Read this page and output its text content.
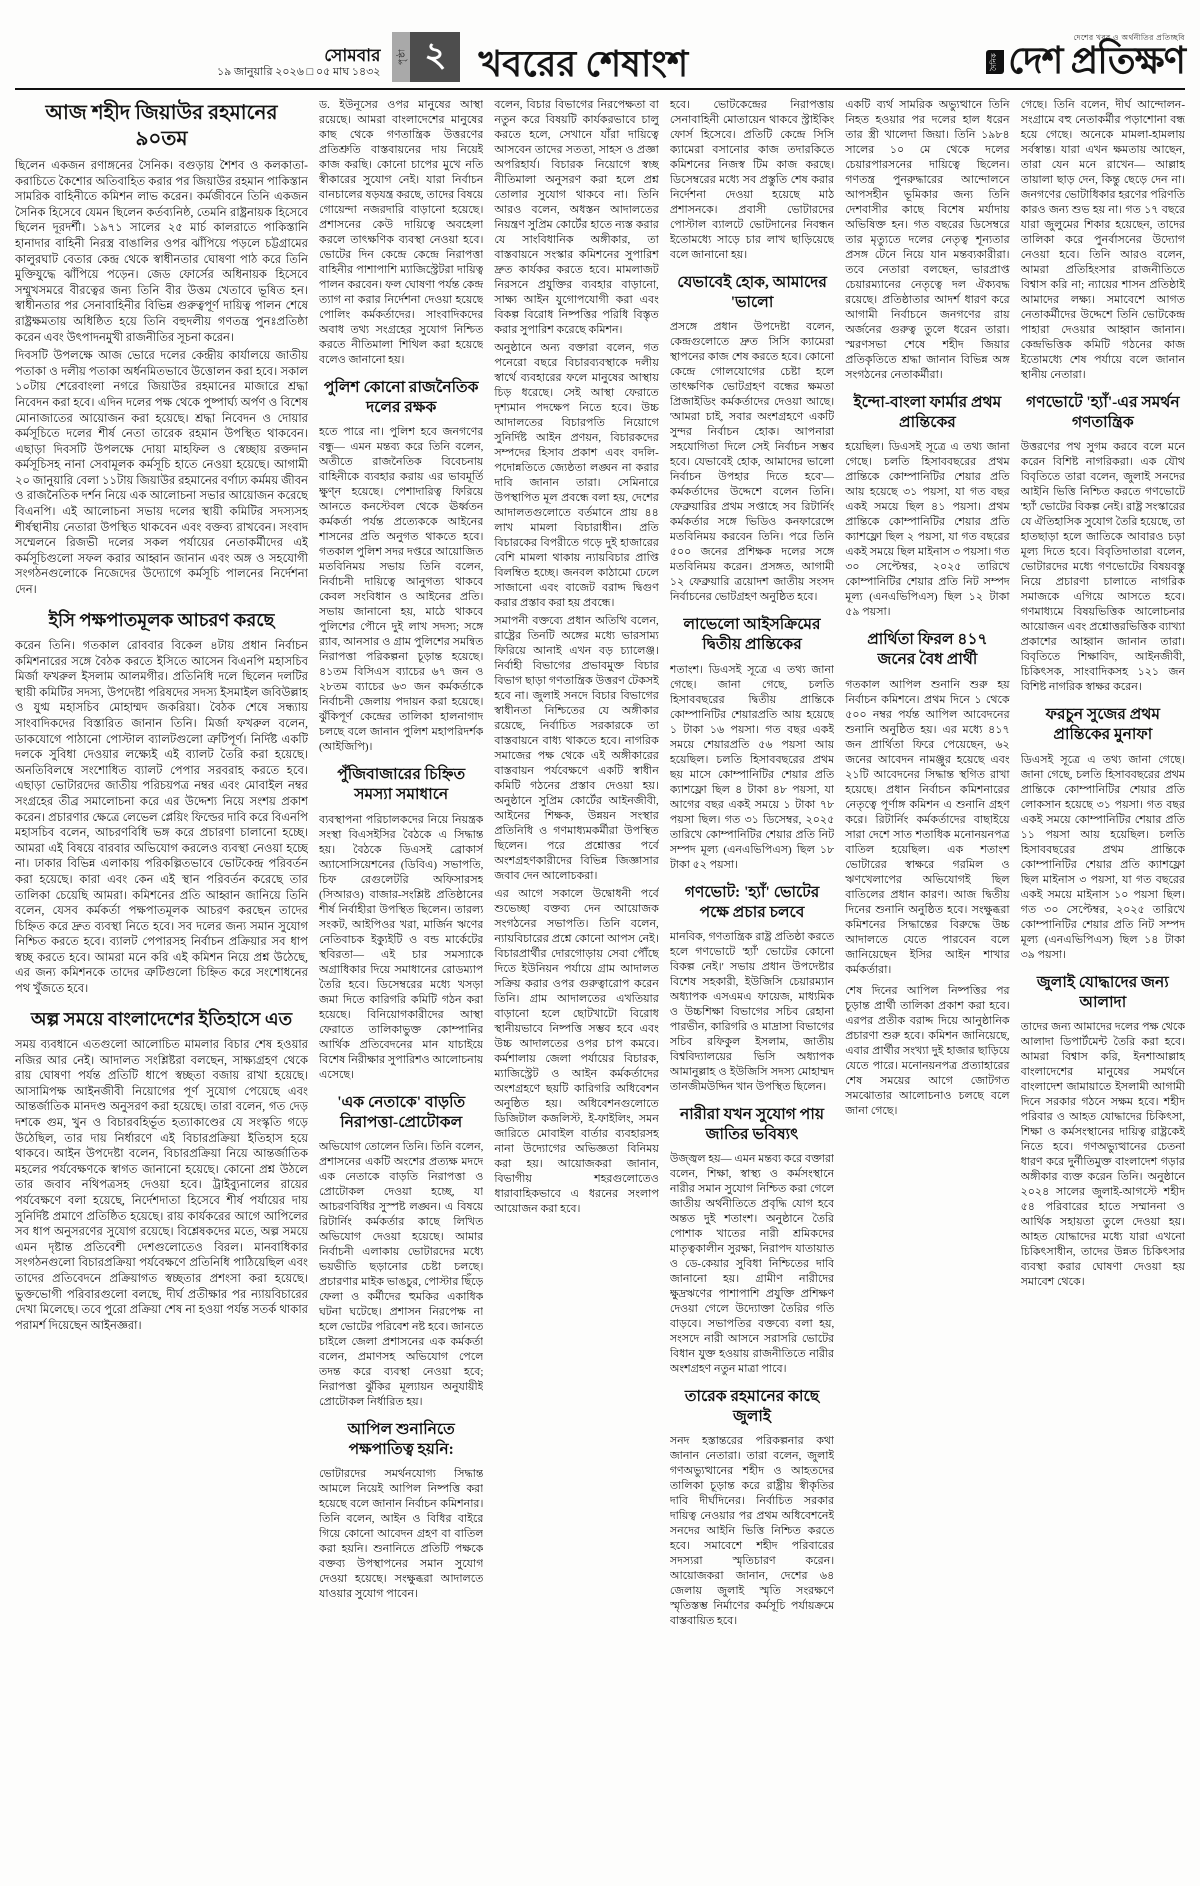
সোমবার
১৯ জানুয়ারি ২০২৬ □ ০৫ মাঘ ১৪৩২
পৃষ্ঠা ২ খবরের শেষাংশ
দেশের খবর ও অর্থনীতির প্রতিচ্ছবি
দৈনিক দেশ প্রতিক্ষণ
আজ শহীদ জিয়াউর রহমানের ৯০তম

ছিলেন একজন রণাঙ্গনের সৈনিক। বগুড়ায় শৈশব ও কলকাতা-করাচিতে কৈশোর অতিবাহিত করার পর জিয়াউর রহমান পাকিস্তান সামরিক বাহিনীতে কমিশন লাভ করেন। কর্মজীবনে তিনি একজন সৈনিক হিসেবে যেমন ছিলেন কর্তব্যনিষ্ঠ, তেমনি রাষ্ট্রনায়ক হিসেবে ছিলেন দূরদর্শী। ১৯৭১ সালের ২৫ মার্চ কালরাতে পাকিস্তানি হানাদার বাহিনী নিরস্ত্র বাঙালির ওপর ঝাঁপিয়ে পড়লে চট্টগ্রামের কালুরঘাট বেতার কেন্দ্র থেকে স্বাধীনতার ঘোষণা পাঠ করে তিনি মুক্তিযুদ্ধে ঝাঁপিয়ে পড়েন। জেড ফোর্সের অধিনায়ক হিসেবে সম্মুখসমরে বীরত্বের জন্য তিনি বীর উত্তম খেতাবে ভূষিত হন। স্বাধীনতার পর সেনাবাহিনীর বিভিন্ন গুরুত্বপূর্ণ দায়িত্ব পালন শেষে রাষ্ট্রক্ষমতায় অধিষ্ঠিত হয়ে তিনি বহুদলীয় গণতন্ত্র পুনঃপ্রতিষ্ঠা করেন এবং উৎপাদনমুখী রাজনীতির সূচনা করেন।

দিবসটি উপলক্ষে আজ ভোরে দলের কেন্দ্রীয় কার্যালয়ে জাতীয় পতাকা ও দলীয় পতাকা অর্ধনমিতভাবে উত্তোলন করা হবে। সকাল ১০টায় শেরেবাংলা নগরে জিয়াউর রহমানের মাজারে শ্রদ্ধা নিবেদন করা হবে। এদিন দলের পক্ষ থেকে পুষ্পার্ঘ্য অর্পণ ও বিশেষ মোনাজাতের আয়োজন করা হয়েছে। শ্রদ্ধা নিবেদন ও দোয়ার কর্মসূচিতে দলের শীর্ষ নেতা তারেক রহমান উপস্থিত থাকবেন। এছাড়া দিবসটি উপলক্ষে দোয়া মাহফিল ও স্বেচ্ছায় রক্তদান কর্মসূচিসহ নানা সেবামূলক কর্মসূচি হাতে নেওয়া হয়েছে। আগামী ২০ জানুয়ারি বেলা ১১টায় জিয়াউর রহমানের বর্ণাঢ্য কর্মময় জীবন ও রাজনৈতিক দর্শন নিয়ে এক আলোচনা সভার আয়োজন করেছে বিএনপি। এই আলোচনা সভায় দলের স্থায়ী কমিটির সদস্যসহ শীর্ষস্থানীয় নেতারা উপস্থিত থাকবেন এবং বক্তব্য রাখবেন। সংবাদ সম্মেলনে রিজভী দলের সকল পর্যায়ের নেতাকর্মীদের এই কর্মসূচিগুলো সফল করার আহ্বান জানান এবং অঙ্গ ও সহযোগী সংগঠনগুলোকে নিজেদের উদ্যোগে কর্মসূচি পালনের নির্দেশনা দেন।

ইসি পক্ষপাতমূলক আচরণ করছে

করেন তিনি। গতকাল রোববার বিকেল ৪টায় প্রধান নির্বাচন কমিশনারের সঙ্গে বৈঠক করতে ইসিতে আসেন বিএনপি মহাসচিব মির্জা ফখরুল ইসলাম আলমগীর। প্রতিনিধি দলে ছিলেন দলটির স্থায়ী কমিটির সদস্য, উপদেষ্টা পরিষদের সদস্য ইসমাইল জবিউল্লাহ ও যুগ্ম মহাসচিব মোহাম্মদ জকরিয়া। বৈঠক শেষে সন্ধ্যায় সাংবাদিকদের বিস্তারিত জানান তিনি। মির্জা ফখরুল বলেন, ডাকযোগে পাঠানো পোস্টাল ব্যালটগুলো ত্রুটিপূর্ণ। নির্দিষ্ট একটি দলকে সুবিধা দেওয়ার লক্ষ্যেই এই ব্যালট তৈরি করা হয়েছে। অনতিবিলম্বে সংশোধিত ব্যালট পেপার সরবরাহ করতে হবে। এছাড়া ভোটারদের জাতীয় পরিচয়পত্র নম্বর এবং মোবাইল নম্বর সংগ্রহের তীব্র সমালোচনা করে এর উদ্দেশ্য নিয়ে সংশয় প্রকাশ করেন। প্রচারণার ক্ষেত্রে লেভেল প্লেয়িং ফিল্ডের দাবি করে বিএনপি মহাসচিব বলেন, আচরণবিধি ভঙ্গ করে প্রচারণা চালানো হচ্ছে। আমরা এই বিষয়ে বারবার অভিযোগ করলেও ব্যবস্থা নেওয়া হচ্ছে না। ঢাকার বিভিন্ন এলাকায় পরিকল্পিতভাবে ভোটকেন্দ্র পরিবর্তন করা হয়েছে। কারা এবং কেন এই স্থান পরিবর্তন করেছে তার তালিকা চেয়েছি আমরা। কমিশনের প্রতি আহ্বান জানিয়ে তিনি বলেন, যেসব কর্মকর্তা পক্ষপাতমূলক আচরণ করছেন তাদের চিহ্নিত করে দ্রুত ব্যবস্থা নিতে হবে। সব দলের জন্য সমান সুযোগ নিশ্চিত করতে হবে। ব্যালট পেপারসহ নির্বাচন প্রক্রিয়ার সব ধাপ স্বচ্ছ করতে হবে। আমরা মনে করি এই কমিশন নিয়ে প্রশ্ন উঠেছে, এর জন্য কমিশনকে তাদের ত্রুটিগুলো চিহ্নিত করে সংশোধনের পথ খুঁজতে হবে।

অল্প সময়ে বাংলাদেশের ইতিহাসে এত

সময় ব্যবধানে এতগুলো আলোচিত মামলার বিচার শেষ হওয়ার নজির আর নেই। আদালত সংশ্লিষ্টরা বলছেন, সাক্ষ্যগ্রহণ থেকে রায় ঘোষণা পর্যন্ত প্রতিটি ধাপে স্বচ্ছতা বজায় রাখা হয়েছে। আসামিপক্ষ আইনজীবী নিয়োগের পূর্ণ সুযোগ পেয়েছে এবং আন্তর্জাতিক মানদণ্ড অনুসরণ করা হয়েছে। তারা বলেন, গত দেড় দশকে গুম, খুন ও বিচারবহির্ভূত হত্যাকাণ্ডের যে সংস্কৃতি গড়ে উঠেছিল, তার দায় নির্ধারণে এই বিচারপ্রক্রিয়া ইতিহাস হয়ে থাকবে। আইন উপদেষ্টা বলেন, বিচারপ্রক্রিয়া নিয়ে আন্তর্জাতিক মহলের পর্যবেক্ষণকে স্বাগত জানানো হয়েছে। কোনো প্রশ্ন উঠলে তার জবাব নথিপত্রসহ দেওয়া হবে। ট্রাইব্যুনালের রায়ের পর্যবেক্ষণে বলা হয়েছে, নির্দেশদাতা হিসেবে শীর্ষ পর্যায়ের দায় সুনির্দিষ্ট প্রমাণে প্রতিষ্ঠিত হয়েছে। রায় কার্যকরের আগে আপিলের সব ধাপ অনুসরণের সুযোগ রয়েছে। বিশ্লেষকদের মতে, অল্প সময়ে এমন দৃষ্টান্ত প্রতিবেশী দেশগুলোতেও বিরল। মানবাধিকার সংগঠনগুলো বিচারপ্রক্রিয়া পর্যবেক্ষণে প্রতিনিধি পাঠিয়েছিল এবং তাদের প্রতিবেদনে প্রক্রিয়াগত স্বচ্ছতার প্রশংসা করা হয়েছে। ভুক্তভোগী পরিবারগুলো বলছে, দীর্ঘ প্রতীক্ষার পর ন্যায়বিচারের দেখা মিলেছে। তবে পুরো প্রক্রিয়া শেষ না হওয়া পর্যন্ত সতর্ক থাকার পরামর্শ দিয়েছেন আইনজ্ঞরা।

ড. ইউনূসের ওপর মানুষের আস্থা রয়েছে। আমরা বাংলাদেশের মানুষের কাছ থেকে গণতান্ত্রিক উত্তরণের প্রতিশ্রুতি বাস্তবায়নের দায় নিয়েই কাজ করছি। কোনো চাপের মুখে নতি স্বীকারের সুযোগ নেই। যারা নির্বাচন বানচালের ষড়যন্ত্র করছে, তাদের বিষয়ে গোয়েন্দা নজরদারি বাড়ানো হয়েছে। প্রশাসনের কেউ দায়িত্বে অবহেলা করলে তাৎক্ষণিক ব্যবস্থা নেওয়া হবে। ভোটের দিন কেন্দ্রে কেন্দ্রে নিরাপত্তা বাহিনীর পাশাপাশি ম্যাজিস্ট্রেটরা দায়িত্ব পালন করবেন। ফল ঘোষণা পর্যন্ত কেন্দ্র ত্যাগ না করার নির্দেশনা দেওয়া হয়েছে পোলিং কর্মকর্তাদের। সাংবাদিকদের অবাধ তথ্য সংগ্রহের সুযোগ নিশ্চিত করতে নীতিমালা শিথিল করা হয়েছে বলেও জানানো হয়।

পুলিশ কোনো রাজনৈতিক দলের রক্ষক

হতে পারে না। পুলিশ হবে জনগণের বন্ধু— এমন মন্তব্য করে তিনি বলেন, অতীতে রাজনৈতিক বিবেচনায় বাহিনীকে ব্যবহার করায় এর ভাবমূর্তি ক্ষুণ্ন হয়েছে। পেশাদারিত্ব ফিরিয়ে আনতে কনস্টেবল থেকে ঊর্ধ্বতন কর্মকর্তা পর্যন্ত প্রত্যেককে আইনের শাসনের প্রতি অনুগত থাকতে হবে। গতকাল পুলিশ সদর দপ্তরে আয়োজিত মতবিনিময় সভায় তিনি বলেন, নির্বাচনী দায়িত্বে আনুগত্য থাকবে কেবল সংবিধান ও আইনের প্রতি। সভায় জানানো হয়, মাঠে থাকবে পুলিশের পৌনে দুই লাখ সদস্য; সঙ্গে র‍্যাব, আনসার ও গ্রাম পুলিশের সমন্বিত নিরাপত্তা পরিকল্পনা চূড়ান্ত হয়েছে। ৪১তম বিসিএস ব্যাচের ৬৭ জন ও ২৮তম ব্যাচের ৬৩ জন কর্মকর্তাকে নির্বাচনী জেলায় পদায়ন করা হয়েছে। ঝুঁকিপূর্ণ কেন্দ্রের তালিকা হালনাগাদ চলছে বলে জানান পুলিশ মহাপরিদর্শক (আইজিপি)।

পুঁজিবাজারের চিহ্নিত সমস্যা সমাধানে

ব্যবস্থাপনা পরিচালকদের নিয়ে নিয়ন্ত্রক সংস্থা বিএসইসির বৈঠকে এ সিদ্ধান্ত হয়। বৈঠকে ডিএসই ব্রোকার্স অ্যাসোসিয়েশনের (ডিবিএ) সভাপতি, চিফ রেগুলেটরি অফিসারসহ (সিআরও) বাজার-সংশ্লিষ্ট প্রতিষ্ঠানের শীর্ষ নির্বাহীরা উপস্থিত ছিলেন। তারল্য সংকট, আইপিওর খরা, মার্জিন ঋণের নেতিবাচক ইক্যুইটি ও বন্ড মার্কেটের স্থবিরতা— এই চার সমস্যাকে অগ্রাধিকার দিয়ে সমাধানের রোডম্যাপ তৈরি হবে। ডিসেম্বরের মধ্যে খসড়া জমা দিতে কারিগরি কমিটি গঠন করা হয়েছে। বিনিয়োগকারীদের আস্থা ফেরাতে তালিকাভুক্ত কোম্পানির আর্থিক প্রতিবেদনের মান যাচাইয়ে বিশেষ নিরীক্ষার সুপারিশও আলোচনায় এসেছে।

'এক নেতাকে' বাড়তি নিরাপত্তা-প্রোটোকল

অভিযোগ তোলেন তিনি। তিনি বলেন, প্রশাসনের একটি অংশের প্রত্যক্ষ মদদে এক নেতাকে বাড়তি নিরাপত্তা ও প্রোটোকল দেওয়া হচ্ছে, যা আচরণবিধির সুস্পষ্ট লঙ্ঘন। এ বিষয়ে রিটার্নিং কর্মকর্তার কাছে লিখিত অভিযোগ দেওয়া হয়েছে। আমার নির্বাচনী এলাকায় ভোটারদের মধ্যে ভয়ভীতি ছড়ানোর চেষ্টা চলছে। প্রচারণার মাইক ভাঙচুর, পোস্টার ছিঁড়ে ফেলা ও কর্মীদের হুমকির একাধিক ঘটনা ঘটেছে। প্রশাসন নিরপেক্ষ না হলে ভোটের পরিবেশ নষ্ট হবে। জানতে চাইলে জেলা প্রশাসনের এক কর্মকর্তা বলেন, প্রমাণসহ অভিযোগ পেলে তদন্ত করে ব্যবস্থা নেওয়া হবে; নিরাপত্তা ঝুঁকির মূল্যায়ন অনুযায়ীই প্রোটোকল নির্ধারিত হয়।

আপিল শুনানিতে পক্ষপাতিত্ব হয়নি:

ভোটারদের সমর্থনযোগ্য সিদ্ধান্ত আমলে নিয়েই আপিল নিষ্পত্তি করা হয়েছে বলে জানান নির্বাচন কমিশনার। তিনি বলেন, আইন ও বিধির বাইরে গিয়ে কোনো আবেদন গ্রহণ বা বাতিল করা হয়নি। শুনানিতে প্রতিটি পক্ষকে বক্তব্য উপস্থাপনের সমান সুযোগ দেওয়া হয়েছে। সংক্ষুব্ধরা আদালতে যাওয়ার সুযোগ পাবেন।

বলেন, বিচার বিভাগের নিরপেক্ষতা বা নতুন করে বিষয়টি কার্যকরভাবে চালু করতে হলে, সেখানে যাঁরা দায়িত্বে আসবেন তাদের সততা, সাহস ও প্রজ্ঞা অপরিহার্য। বিচারক নিয়োগে স্বচ্ছ নীতিমালা অনুসরণ করা হলে প্রশ্ন তোলার সুযোগ থাকবে না। তিনি আরও বলেন, অধস্তন আদালতের নিয়ন্ত্রণ সুপ্রিম কোর্টের হাতে ন্যস্ত করার যে সাংবিধানিক অঙ্গীকার, তা বাস্তবায়নে সংস্কার কমিশনের সুপারিশ দ্রুত কার্যকর করতে হবে। মামলাজট নিরসনে প্রযুক্তির ব্যবহার বাড়ানো, সাক্ষ্য আইন যুগোপযোগী করা এবং বিকল্প বিরোধ নিষ্পত্তির পরিধি বিস্তৃত করার সুপারিশ করেছে কমিশন।

অনুষ্ঠানে অন্য বক্তারা বলেন, গত পনেরো বছরে বিচারব্যবস্থাকে দলীয় স্বার্থে ব্যবহারের ফলে মানুষের আস্থায় চিড় ধরেছে। সেই আস্থা ফেরাতে দৃশ্যমান পদক্ষেপ নিতে হবে। উচ্চ আদালতের বিচারপতি নিয়োগে সুনির্দিষ্ট আইন প্রণয়ন, বিচারকদের সম্পদের হিসাব প্রকাশ এবং বদলি-পদোন্নতিতে জ্যেষ্ঠতা লঙ্ঘন না করার দাবি জানান তারা। সেমিনারে উপস্থাপিত মূল প্রবন্ধে বলা হয়, দেশের আদালতগুলোতে বর্তমানে প্রায় ৪৪ লাখ মামলা বিচারাধীন। প্রতি বিচারকের বিপরীতে গড়ে দুই হাজারের বেশি মামলা থাকায় ন্যায়বিচার প্রাপ্তি বিলম্বিত হচ্ছে। জনবল কাঠামো ঢেলে সাজানো এবং বাজেট বরাদ্দ দ্বিগুণ করার প্রস্তাব করা হয় প্রবন্ধে।

সমাপনী বক্তব্যে প্রধান অতিথি বলেন, রাষ্ট্রের তিনটি অঙ্গের মধ্যে ভারসাম্য ফিরিয়ে আনাই এখন বড় চ্যালেঞ্জ। নির্বাহী বিভাগের প্রভাবমুক্ত বিচার বিভাগ ছাড়া গণতান্ত্রিক উত্তরণ টেকসই হবে না। জুলাই সনদে বিচার বিভাগের স্বাধীনতা নিশ্চিতের যে অঙ্গীকার রয়েছে, নির্বাচিত সরকারকে তা বাস্তবায়নে বাধ্য থাকতে হবে। নাগরিক সমাজের পক্ষ থেকে এই অঙ্গীকারের বাস্তবায়ন পর্যবেক্ষণে একটি স্বাধীন কমিটি গঠনের প্রস্তাব দেওয়া হয়। অনুষ্ঠানে সুপ্রিম কোর্টের আইনজীবী, আইনের শিক্ষক, উন্নয়ন সংস্থার প্রতিনিধি ও গণমাধ্যমকর্মীরা উপস্থিত ছিলেন। পরে প্রশ্নোত্তর পর্বে অংশগ্রহণকারীদের বিভিন্ন জিজ্ঞাসার জবাব দেন আলোচকরা।

এর আগে সকালে উদ্বোধনী পর্বে শুভেচ্ছা বক্তব্য দেন আয়োজক সংগঠনের সভাপতি। তিনি বলেন, ন্যায়বিচারের প্রশ্নে কোনো আপস নেই। বিচারপ্রার্থীর দোরগোড়ায় সেবা পৌঁছে দিতে ইউনিয়ন পর্যায়ে গ্রাম আদালত সক্রিয় করার ওপর গুরুত্বারোপ করেন তিনি। গ্রাম আদালতের এখতিয়ার বাড়ানো হলে ছোটখাটো বিরোধ স্থানীয়ভাবে নিষ্পত্তি সম্ভব হবে এবং উচ্চ আদালতের ওপর চাপ কমবে। কর্মশালায় জেলা পর্যায়ের বিচারক, ম্যাজিস্ট্রেট ও আইন কর্মকর্তাদের অংশগ্রহণে ছয়টি কারিগরি অধিবেশন অনুষ্ঠিত হয়। অধিবেশনগুলোতে ডিজিটাল কজলিস্ট, ই-ফাইলিং, সমন জারিতে মোবাইল বার্তার ব্যবহারসহ নানা উদ্যোগের অভিজ্ঞতা বিনিময় করা হয়। আয়োজকরা জানান, বিভাগীয় শহরগুলোতেও ধারাবাহিকভাবে এ ধরনের সংলাপ আয়োজন করা হবে।

হবে। ভোটকেন্দ্রের নিরাপত্তায় সেনাবাহিনী মোতায়েন থাকবে স্ট্রাইকিং ফোর্স হিসেবে। প্রতিটি কেন্দ্রে সিসি ক্যামেরা বসানোর কাজ তদারকিতে কমিশনের নিজস্ব টিম কাজ করছে। ডিসেম্বরের মধ্যে সব প্রস্তুতি শেষ করার নির্দেশনা দেওয়া হয়েছে মাঠ প্রশাসনকে। প্রবাসী ভোটারদের পোস্টাল ব্যালটে ভোটদানের নিবন্ধন ইতোমধ্যে সাড়ে চার লাখ ছাড়িয়েছে বলে জানানো হয়।

যেভাবেই হোক, আমাদের 'ভালো

প্রসঙ্গে প্রধান উপদেষ্টা বলেন, কেন্দ্রগুলোতে দ্রুত সিসি ক্যামেরা স্থাপনের কাজ শেষ করতে হবে। কোনো কেন্দ্রে গোলযোগের চেষ্টা হলে তাৎক্ষণিক ভোটগ্রহণ বন্ধের ক্ষমতা প্রিজাইডিং কর্মকর্তাদের দেওয়া আছে। 'আমরা চাই, সবার অংশগ্রহণে একটি সুন্দর নির্বাচন হোক। আপনারা সহযোগিতা দিলে সেই নির্বাচন সম্ভব হবে। যেভাবেই হোক, আমাদের ভালো নির্বাচন উপহার দিতে হবে'— কর্মকর্তাদের উদ্দেশে বলেন তিনি। ফেব্রুয়ারির প্রথম সপ্তাহে সব রিটার্নিং কর্মকর্তার সঙ্গে ভিডিও কনফারেন্সে মতবিনিময় করবেন তিনি। পরে তিনি ৫০০ জনের প্রশিক্ষক দলের সঙ্গে মতবিনিময় করেন। প্রসঙ্গত, আগামী ১২ ফেব্রুয়ারি ত্রয়োদশ জাতীয় সংসদ নির্বাচনের ভোটগ্রহণ অনুষ্ঠিত হবে।

লাভেলো আইসক্রিমের দ্বিতীয় প্রান্তিকের

শতাংশ। ডিএসই সূত্রে এ তথ্য জানা গেছে। জানা গেছে, চলতি হিসাববছরের দ্বিতীয় প্রান্তিকে কোম্পানিটির শেয়ারপ্রতি আয় হয়েছে ১ টাকা ১৬ পয়সা। গত বছর একই সময়ে শেয়ারপ্রতি ৫৬ পয়সা আয় হয়েছিল। চলতি হিসাববছরের প্রথম ছয় মাসে কোম্পানিটির শেয়ার প্রতি ক্যাশফ্লো ছিল ৪ টাকা ৪৮ পয়সা, যা আগের বছর একই সময়ে ১ টাকা ৭৮ পয়সা ছিল। গত ৩১ ডিসেম্বর, ২০২৫ তারিখে কোম্পানিটির শেয়ার প্রতি নিট সম্পদ মূল্য (এনএভিপিএস) ছিল ১৮ টাকা ৫২ পয়সা।

গণভোট: 'হ্যাঁ' ভোটের পক্ষে প্রচার চলবে

মানবিক, গণতান্ত্রিক রাষ্ট্র প্রতিষ্ঠা করতে হলে গণভোটে 'হ্যাঁ' ভোটের কোনো বিকল্প নেই।' সভায় প্রধান উপদেষ্টার বিশেষ সহকারী, ইউজিসি চেয়ারম্যান অধ্যাপক এসএমএ ফায়েজ, মাধ্যমিক ও উচ্চশিক্ষা বিভাগের সচিব রেহানা পারভীন, কারিগরি ও মাদ্রাসা বিভাগের সচিব রফিকুল ইসলাম, জাতীয় বিশ্ববিদ্যালয়ের ভিসি অধ্যাপক আমানুল্লাহ ও ইউজিসি সদস্য মোহাম্মদ তানজীমউদ্দিন খান উপস্থিত ছিলেন।

নারীরা যখন সুযোগ পায় জাতির ভবিষ্যৎ

উজ্জ্বল হয়— এমন মন্তব্য করে বক্তারা বলেন, শিক্ষা, স্বাস্থ্য ও কর্মসংস্থানে নারীর সমান সুযোগ নিশ্চিত করা গেলে জাতীয় অর্থনীতিতে প্রবৃদ্ধি যোগ হবে অন্তত দুই শতাংশ। অনুষ্ঠানে তৈরি পোশাক খাতের নারী শ্রমিকদের মাতৃত্বকালীন সুরক্ষা, নিরাপদ যাতায়াত ও ডে-কেয়ার সুবিধা নিশ্চিতের দাবি জানানো হয়। গ্রামীণ নারীদের ক্ষুদ্রঋণের পাশাপাশি প্রযুক্তি প্রশিক্ষণ দেওয়া গেলে উদ্যোক্তা তৈরির গতি বাড়বে। সভাপতির বক্তব্যে বলা হয়, সংসদে নারী আসনে সরাসরি ভোটের বিধান যুক্ত হওয়ায় রাজনীতিতে নারীর অংশগ্রহণ নতুন মাত্রা পাবে।

তারেক রহমানের কাছে জুলাই

সনদ হস্তান্তরের পরিকল্পনার কথা জানান নেতারা। তারা বলেন, জুলাই গণঅভ্যুত্থানের শহীদ ও আহতদের তালিকা চূড়ান্ত করে রাষ্ট্রীয় স্বীকৃতির দাবি দীর্ঘদিনের। নির্বাচিত সরকার দায়িত্ব নেওয়ার পর প্রথম অধিবেশনেই সনদের আইনি ভিত্তি নিশ্চিত করতে হবে। সমাবেশে শহীদ পরিবারের সদস্যরা স্মৃতিচারণ করেন। আয়োজকরা জানান, দেশের ৬৪ জেলায় জুলাই স্মৃতি সংরক্ষণে স্মৃতিস্তম্ভ নির্মাণের কর্মসূচি পর্যায়ক্রমে বাস্তবায়িত হবে।

একটি ব্যর্থ সামরিক অভ্যুত্থানে তিনি নিহত হওয়ার পর দলের হাল ধরেন তার স্ত্রী খালেদা জিয়া। তিনি ১৯৮৪ সালের ১০ মে থেকে দলের চেয়ারপারসনের দায়িত্বে ছিলেন। গণতন্ত্র পুনরুদ্ধারের আন্দোলনে আপসহীন ভূমিকার জন্য তিনি দেশবাসীর কাছে বিশেষ মর্যাদায় অভিষিক্ত হন। গত বছরের ডিসেম্বরে তার মৃত্যুতে দলের নেতৃত্ব শূন্যতার প্রসঙ্গ টেনে নিয়ে যান মন্তব্যকারীরা। তবে নেতারা বলছেন, ভারপ্রাপ্ত চেয়ারম্যানের নেতৃত্বে দল ঐক্যবদ্ধ রয়েছে। প্রতিষ্ঠাতার আদর্শ ধারণ করে আগামী নির্বাচনে জনগণের রায় অর্জনের গুরুত্ব তুলে ধরেন তারা। স্মরণসভা শেষে শহীদ জিয়ার প্রতিকৃতিতে শ্রদ্ধা জানান বিভিন্ন অঙ্গ সংগঠনের নেতাকর্মীরা।

ইন্দো-বাংলা ফার্মার প্রথম প্রান্তিকের

হয়েছিল। ডিএসই সূত্রে এ তথ্য জানা গেছে। চলতি হিসাববছরের প্রথম প্রান্তিকে কোম্পানিটির শেয়ার প্রতি আয় হয়েছে ৩১ পয়সা, যা গত বছর একই সময়ে ছিল ৪১ পয়সা। প্রথম প্রান্তিকে কোম্পানিটির শেয়ার প্রতি ক্যাশফ্লো ছিল ২ পয়সা, যা গত বছরের একই সময়ে ছিল মাইনাস ৩ পয়সা। গত ৩০ সেপ্টেম্বর, ২০২৫ তারিখে কোম্পানিটির শেয়ার প্রতি নিট সম্পদ মূল্য (এনএভিপিএস) ছিল ১২ টাকা ৫৯ পয়সা।

প্রার্থিতা ফিরল ৪১৭ জনের বৈধ প্রার্থী

গতকাল আপিল শুনানি শুরু হয় নির্বাচন কমিশনে। প্রথম দিনে ১ থেকে ৫০০ নম্বর পর্যন্ত আপিল আবেদনের শুনানি অনুষ্ঠিত হয়। এর মধ্যে ৪১৭ জন প্রার্থিতা ফিরে পেয়েছেন, ৬২ জনের আবেদন নামঞ্জুর হয়েছে এবং ২১টি আবেদনের সিদ্ধান্ত স্থগিত রাখা হয়েছে। প্রধান নির্বাচন কমিশনারের নেতৃত্বে পূর্ণাঙ্গ কমিশন এ শুনানি গ্রহণ করে। রিটার্নিং কর্মকর্তাদের বাছাইয়ে সারা দেশে সাত শতাধিক মনোনয়নপত্র বাতিল হয়েছিল। এক শতাংশ ভোটারের স্বাক্ষরে গরমিল ও ঋণখেলাপের অভিযোগই ছিল বাতিলের প্রধান কারণ। আজ দ্বিতীয় দিনের শুনানি অনুষ্ঠিত হবে। সংক্ষুব্ধরা কমিশনের সিদ্ধান্তের বিরুদ্ধে উচ্চ আদালতে যেতে পারবেন বলে জানিয়েছেন ইসির আইন শাখার কর্মকর্তারা।

শেষ দিনের আপিল নিষ্পত্তির পর চূড়ান্ত প্রার্থী তালিকা প্রকাশ করা হবে। এরপর প্রতীক বরাদ্দ দিয়ে আনুষ্ঠানিক প্রচারণা শুরু হবে। কমিশন জানিয়েছে, এবার প্রার্থীর সংখ্যা দুই হাজার ছাড়িয়ে যেতে পারে। মনোনয়নপত্র প্রত্যাহারের শেষ সময়ের আগে জোটগত সমঝোতার আলোচনাও চলছে বলে জানা গেছে।

গেছে। তিনি বলেন, দীর্ঘ আন্দোলন-সংগ্রামে বহু নেতাকর্মীর পড়াশোনা বন্ধ হয়ে গেছে। অনেকে মামলা-হামলায় সর্বস্বান্ত। যারা এখন ক্ষমতায় আছেন, তারা যেন মনে রাখেন— আল্লাহ তায়ালা ছাড় দেন, কিন্তু ছেড়ে দেন না। জনগণের ভোটাধিকার হরণের পরিণতি কারও জন্য শুভ হয় না। গত ১৭ বছরে যারা জুলুমের শিকার হয়েছেন, তাদের তালিকা করে পুনর্বাসনের উদ্যোগ নেওয়া হবে। তিনি আরও বলেন, আমরা প্রতিহিংসার রাজনীতিতে বিশ্বাস করি না; ন্যায়ের শাসন প্রতিষ্ঠাই আমাদের লক্ষ্য। সমাবেশে আগত নেতাকর্মীদের উদ্দেশে তিনি ভোটকেন্দ্র পাহারা দেওয়ার আহ্বান জানান। কেন্দ্রভিত্তিক কমিটি গঠনের কাজ ইতোমধ্যে শেষ পর্যায়ে বলে জানান স্থানীয় নেতারা।

গণভোটে 'হ্যাঁ'-এর সমর্থন গণতান্ত্রিক

উত্তরণের পথ সুগম করবে বলে মনে করেন বিশিষ্ট নাগরিকরা। এক যৌথ বিবৃতিতে তারা বলেন, জুলাই সনদের আইনি ভিত্তি নিশ্চিত করতে গণভোটে 'হ্যাঁ' ভোটের বিকল্প নেই। রাষ্ট্র সংস্কারের যে ঐতিহাসিক সুযোগ তৈরি হয়েছে, তা হাতছাড়া হলে জাতিকে আবারও চড়া মূল্য দিতে হবে। বিবৃতিদাতারা বলেন, ভোটারদের মধ্যে গণভোটের বিষয়বস্তু নিয়ে প্রচারণা চালাতে নাগরিক সমাজকে এগিয়ে আসতে হবে। গণমাধ্যমে বিষয়ভিত্তিক আলোচনার আয়োজন এবং প্রশ্নোত্তরভিত্তিক ব্যাখ্যা প্রকাশের আহ্বান জানান তারা। বিবৃতিতে শিক্ষাবিদ, আইনজীবী, চিকিৎসক, সাংবাদিকসহ ১২১ জন বিশিষ্ট নাগরিক স্বাক্ষর করেন।

ফরচুন সুজের প্রথম প্রান্তিকের মুনাফা

ডিএসই সূত্রে এ তথ্য জানা গেছে। জানা গেছে, চলতি হিসাববছরের প্রথম প্রান্তিকে কোম্পানিটির শেয়ার প্রতি লোকসান হয়েছে ৩১ পয়সা। গত বছর একই সময়ে কোম্পানিটির শেয়ার প্রতি ১১ পয়সা আয় হয়েছিল। চলতি হিসাববছরের প্রথম প্রান্তিকে কোম্পানিটির শেয়ার প্রতি ক্যাশফ্লো ছিল মাইনাস ৩ পয়সা, যা গত বছরের একই সময়ে মাইনাস ১০ পয়সা ছিল। গত ৩০ সেপ্টেম্বর, ২০২৫ তারিখে কোম্পানিটির শেয়ার প্রতি নিট সম্পদ মূল্য (এনএভিপিএস) ছিল ১৪ টাকা ৩৯ পয়সা।

জুলাই যোদ্ধাদের জন্য আলাদা

তাদের জন্য আমাদের দলের পক্ষ থেকে আলাদা ডিপার্টমেন্ট তৈরি করা হবে। আমরা বিশ্বাস করি, ইনশাআল্লাহ বাংলাদেশের মানুষের সমর্থনে বাংলাদেশ জামায়াতে ইসলামী আগামী দিনে সরকার গঠনে সক্ষম হবে। শহীদ পরিবার ও আহত যোদ্ধাদের চিকিৎসা, শিক্ষা ও কর্মসংস্থানের দায়িত্ব রাষ্ট্রকেই নিতে হবে। গণঅভ্যুত্থানের চেতনা ধারণ করে দুর্নীতিমুক্ত বাংলাদেশ গড়ার অঙ্গীকার ব্যক্ত করেন তিনি। অনুষ্ঠানে ২০২৪ সালের জুলাই-আগস্টে শহীদ ৫৪ পরিবারের হাতে সম্মাননা ও আর্থিক সহায়তা তুলে দেওয়া হয়। আহত যোদ্ধাদের মধ্যে যারা এখনো চিকিৎসাধীন, তাদের উন্নত চিকিৎসার ব্যবস্থা করার ঘোষণা দেওয়া হয় সমাবেশ থেকে।
